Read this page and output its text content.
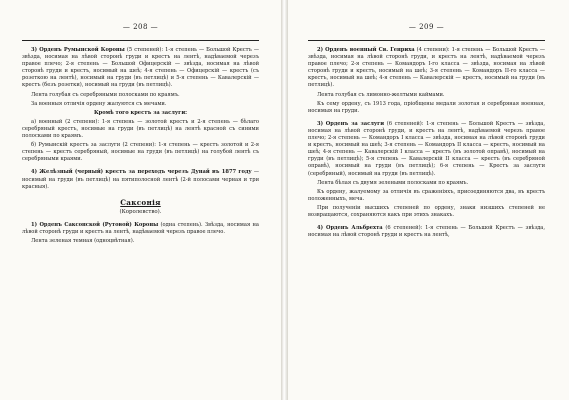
— 208 —

3) Орденъ Румынской Короны (5 степеней): 1-я степень — Большой Крестъ — звѣзда, носимая на лѣвой сторонѣ груди и крестъ на лентѣ, надѣваемой черезъ правое плечо; 2-я степень — Большой Офицерскій — звѣзда, носимая на лѣвой сторонѣ груди и крестъ, носимый на шеѣ; 4-я степень — Офицерскій — крестъ (съ розеткою на лентѣ), носимый на груди (въ петлицѣ) и 5-я степень — Кавалерскій — крестъ (безъ розетки), носимый на груди (въ петлицѣ).

Лента голубая съ серебряными полосками по краямъ.

За военныя отличія ордену жалуются съ мечами.

Кромѣ того крестъ за заслуги:

а) военный (2 степени): 1-я степень — золотой крестъ и 2-я степень — бѣлаго серебряный крестъ, носимые на груди (въ петлицѣ) на лентѣ красной съ синими полосками по краямъ.

б) Румынскій крестъ за заслуги (2 степени): 1-я степень — крестъ золотой и 2-я степень — крестъ серебряный, носимые на груди (въ петлицѣ) на голубой лентѣ съ серебряными краями.

4) Желѣзный (черный) крестъ за переходъ черезъ Дунай въ 1877 году — носимый на груди (въ петлицѣ) на пятиполосной лентѣ (2-й полосами черная и три красныя).

Саксонія
(Королевство).

1) Орденъ Саксонской (Рутовой) Короны (одна степень). Звѣзда, носимая на лѣвой сторонѣ груди и крестъ на лентѣ, надѣваемой черезъ правое плечо.

Лента зеленая темная (одноцвѣтная).

— 209 —

2) Орденъ военный Св. Генриха (4 степени): 1-я степень — Большой Крестъ — звѣзда, носимая на лѣвой сторонѣ груди, и крестъ на лентѣ, надѣваемой черезъ правое плечо; 2-я степень — Командоръ I-го класса — звѣзда, носимая на лѣвой сторонѣ груди и крестъ, носимый на шеѣ; 3-я степень — Командоръ II-го класса — крестъ, носимый на шеѣ; 4-я степень — Кавалерскій — крестъ, носимый на груди (въ петлицѣ).

Лента голубая съ лимонно-желтыми каймами.

Къ сему ордену, съ 1913 года, пріобщены медали золотая и серебряная военная, носимыя на груди.

3) Орденъ за заслуги (6 степеней): 1-я степень — Большой Крестъ — звѣзда, носимая на лѣвой сторонѣ груди, и крестъ на лентѣ, надѣваемой черезъ правое плечо; 2-я степень — Командоръ I класса — звѣзда, носимая на лѣвой сторонѣ груди и крестъ, носимый на шеѣ; 3-я степень — Командоръ II класса — крестъ, носимый на шеѣ; 4-я степень — Кавалерскій I класса — крестъ (въ золотой оправѣ), носимый на груди (въ петлицѣ); 5-я степень — Кавалерскій II класса — крестъ (въ серебряной оправѣ), носимый на груди (въ петлицѣ); 6-я степень — Крестъ за заслуги (серебряный), носимый на груди (въ петлицѣ).

Лента бѣлая съ двумя зелеными полосками по краямъ.

Къ ордену, жалуемому за отличія въ сраженіяхъ, присоединяются два, въ крестъ положенныхъ, меча.

При полученіи высшихъ степеней по ордену, знаки низшихъ степеней не возвращаются, сохраняются какъ при этихъ знакахъ.

4) Орденъ Альбрехта (6 степеней): 1-я степень — Большой Крестъ — звѣзда, носимая на лѣвой сторонѣ груди и крестъ на лентѣ,
